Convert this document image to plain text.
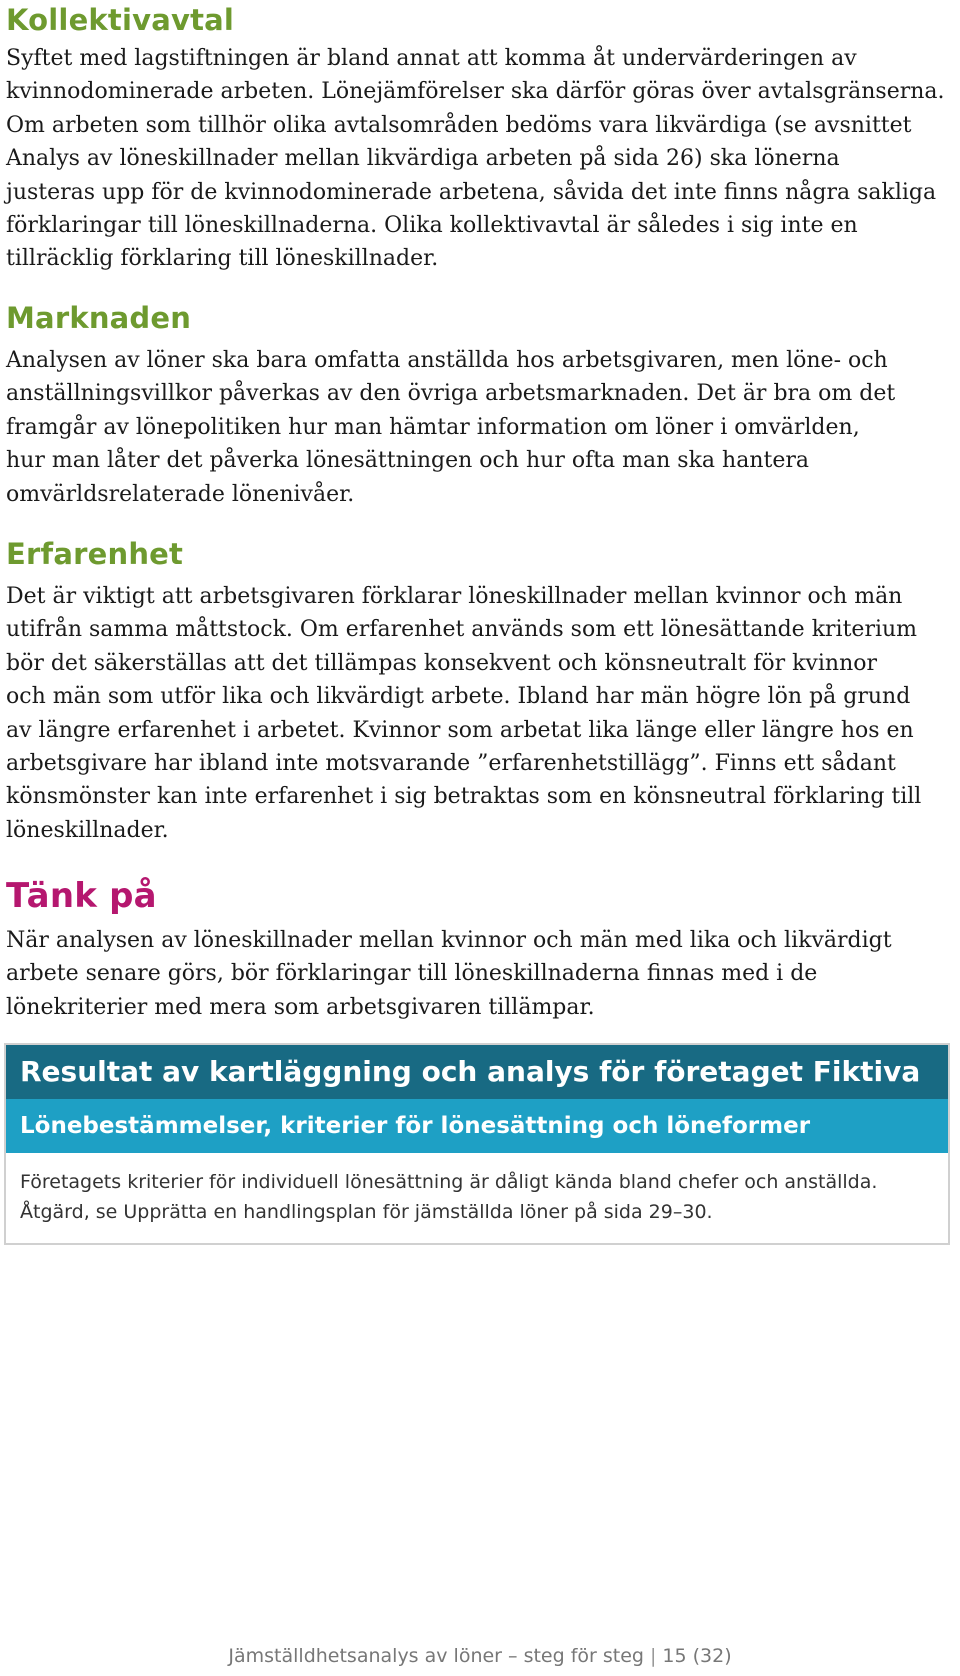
Kollektivavtal

Syftet med lagstiftningen är bland annat att komma åt undervärderingen av

kvinnodominerade arbeten. Lönejämförelser ska därför göras över avtalsgränserna.

Om arbeten som tillhör olika avtalsområden bedöms vara likvärdiga (se avsnittet

Analys av löneskillnader mellan likvärdiga arbeten på sida 26) ska lönerna

justeras upp för de kvinnodominerade arbetena, såvida det inte finns några sakliga

förklaringar till löneskillnaderna. Olika kollektivavtal är således i sig inte en

tillräcklig förklaring till löneskillnader.

Marknaden

Analysen av löner ska bara omfatta anställda hos arbetsgivaren, men löne- och

anställningsvillkor påverkas av den övriga arbetsmarknaden. Det är bra om det

framgår av lönepolitiken hur man hämtar information om löner i omvärlden,

hur man låter det påverka lönesättningen och hur ofta man ska hantera

omvärldsrelaterade lönenivåer.

Erfarenhet

Det är viktigt att arbetsgivaren förklarar löneskillnader mellan kvinnor och män

utifrån samma måttstock. Om erfarenhet används som ett lönesättande kriterium

bör det säkerställas att det tillämpas konsekvent och könsneutralt för kvinnor

och män som utför lika och likvärdigt arbete. Ibland har män högre lön på grund

av längre erfarenhet i arbetet. Kvinnor som arbetat lika länge eller längre hos en

arbetsgivare har ibland inte motsvarande ”erfarenhetstillägg”. Finns ett sådant

könsmönster kan inte erfarenhet i sig betraktas som en könsneutral förklaring till

löneskillnader.

Tänk på

När analysen av löneskillnader mellan kvinnor och män med lika och likvärdigt

arbete senare görs, bör förklaringar till löneskillnaderna finnas med i de

lönekriterier med mera som arbetsgivaren tillämpar.

Resultat av kartläggning och analys för företaget Fiktiva
Lönebestämmelser, kriterier för lönesättning och löneformer
Företagets kriterier för individuell lönesättning är dåligt kända bland chefer och anställda.
Åtgärd, se Upprätta en handlingsplan för jämställda löner på sida 29–30.
Jämställdhetsanalys av löner – steg för steg | 15 (32)
